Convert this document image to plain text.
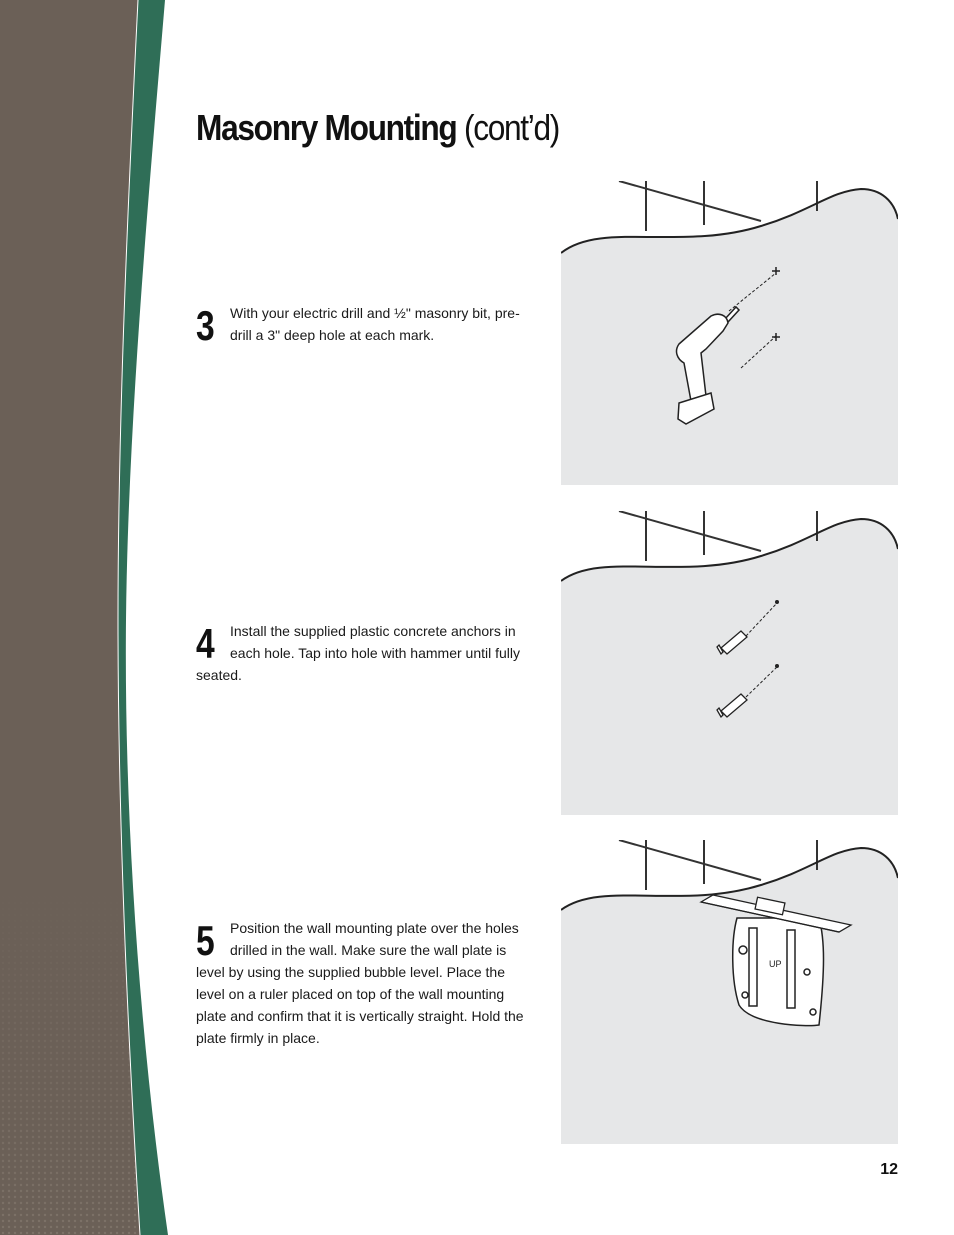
Masonry Mounting (cont’d)
3	With your electric drill and ½" masonry bit, pre-drill a 3" deep hole at each mark.

4	Install the supplied plastic concrete anchors in each hole. Tap into hole with hammer until fully seated.

5	Position the wall mounting plate over the holes drilled in the wall. Make sure the wall plate is level by using the supplied bubble level. Place the level on a ruler placed on top of the wall mounting plate and confirm that it is vertically straight. Hold the plate firmly in place.

UP
12
